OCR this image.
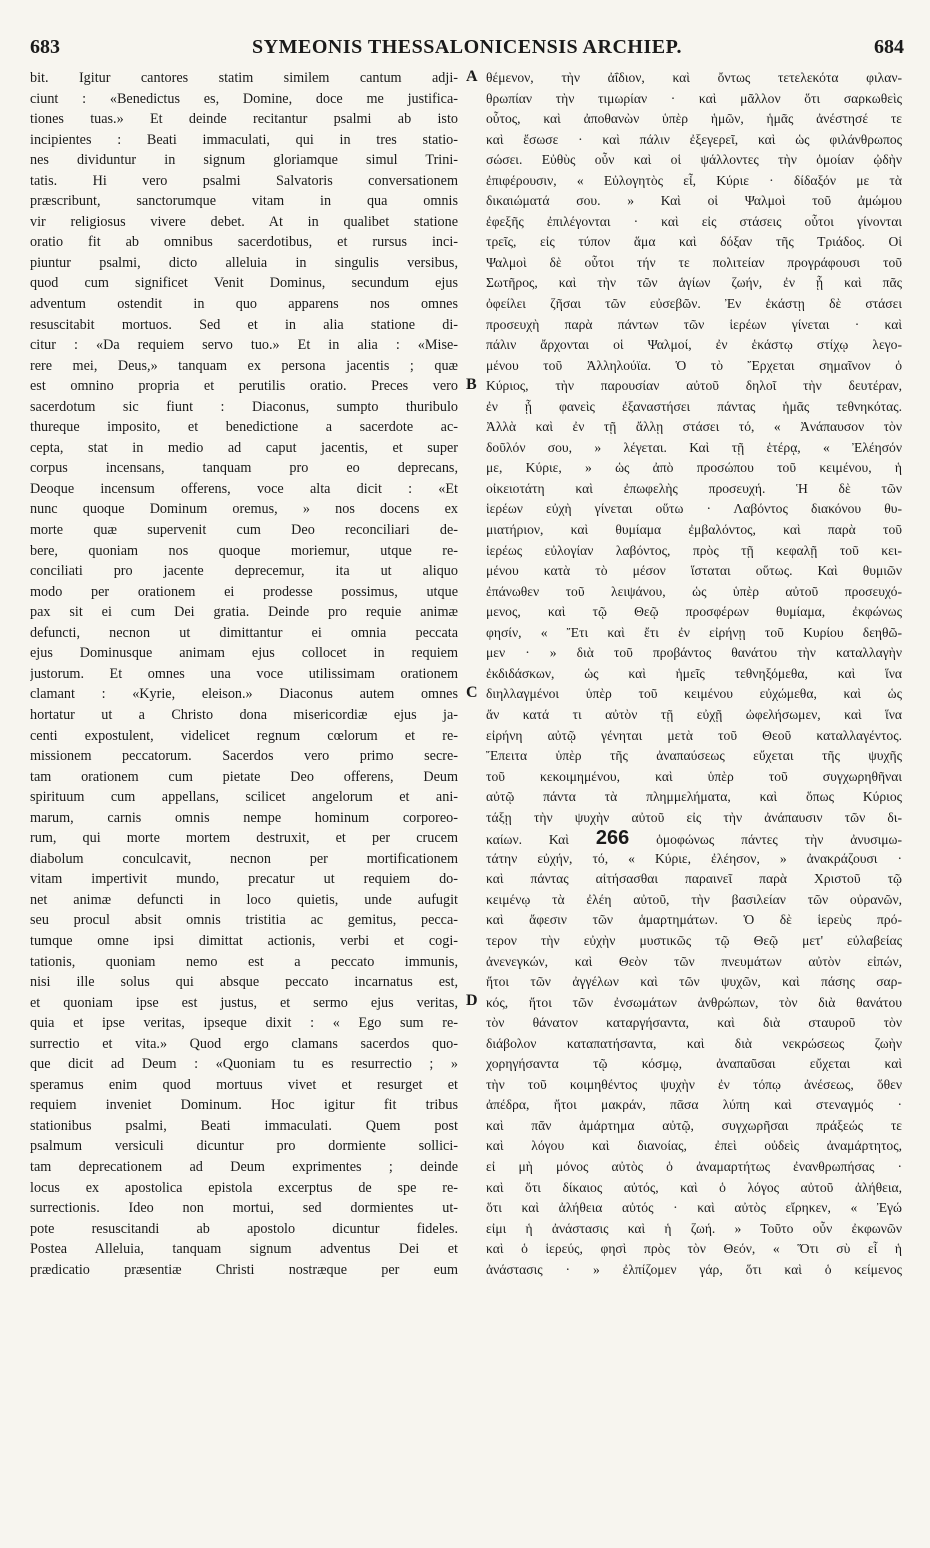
683	SYMEONIS THESSALONICENSIS ARCHIEP.	684
bit. Igitur cantores statim similem cantum adji-
ciunt : «Benedictus es, Domine, doce me justifica-
tiones tuas.» Et deinde recitantur psalmi ab isto
incipientes : Beati immaculati, qui in tres statio-
nes dividuntur in signum gloriamque simul Trini-
tatis. Hi vero psalmi Salvatoris conversationem
præscribunt, sanctorumque vitam in qua omnis
vir religiosus vivere debet. At in qualibet statione
oratio fit ab omnibus sacerdotibus, et rursus inci-
piuntur psalmi, dicto alleluia in singulis versibus,
quod cum significet Venit Dominus, secundum ejus
adventum ostendit in quo apparens nos omnes
resuscitabit mortuos. Sed et in alia statione di-
citur : «Da requiem servo tuo.» Et in alia : «Mise-
rere mei, Deus,» tanquam ex persona jacentis ; quæ
est omnino propria et perutilis oratio. Preces vero
sacerdotum sic fiunt : Diaconus, sumpto thuribulo
thureque imposito, et benedictione a sacerdote ac-
cepta, stat in medio ad caput jacentis, et super
corpus incensans, tanquam pro eo deprecans,
Deoque incensum offerens, voce alta dicit : «Et
nunc quoque Dominum oremus, » nos docens ex
morte quæ supervenit cum Deo reconciliari de-
bere, quoniam nos quoque moriemur, utque re-
conciliati pro jacente deprecemur, ita ut aliquo
modo per orationem ei prodesse possimus, utque
pax sit ei cum Dei gratia. Deinde pro requie animæ
defuncti, necnon ut dimittantur ei omnia peccata
ejus Dominusque animam ejus collocet in requiem
justorum. Et omnes una voce utilissimam orationem
clamant : «Kyrie, eleison.» Diaconus autem omnes
hortatur ut a Christo dona misericordiæ ejus ja-
centi expostulent, videlicet regnum cœlorum et re-
missionem peccatorum. Sacerdos vero primo secre-
tam orationem cum pietate Deo offerens, Deum
spirituum cum appellans, scilicet angelorum et ani-
marum, carnis omnis nempe hominum corporeo-
rum, qui morte mortem destruxit, et per crucem
diabolum conculcavit, necnon per mortificationem
vitam impertivit mundo, precatur ut requiem do-
net animæ defuncti in loco quietis, unde aufugit
seu procul absit omnis tristitia ac gemitus, pecca-
tumque omne ipsi dimittat actionis, verbi et cogi-
tationis, quoniam nemo est a peccato immunis,
nisi ille solus qui absque peccato incarnatus est,
et quoniam ipse est justus, et sermo ejus veritas,
quia et ipse veritas, ipseque dixit : « Ego sum re-
surrectio et vita.» Quod ergo clamans sacerdos quo-
que dicit ad Deum : «Quoniam tu es resurrectio ; »
speramus enim quod mortuus vivet et resurget et
requiem inveniet Dominum. Hoc igitur fit tribus
stationibus psalmi, Beati immaculati. Quem post
psalmum versiculi dicuntur pro dormiente sollici-
tam deprecationem ad Deum exprimentes ; deinde
locus ex apostolica epistola excerptus de spe re-
surrectionis. Ideo non mortui, sed dormientes ut-
pote resuscitandi ab apostolo dicuntur fideles.
Postea Alleluia, tanquam signum adventus Dei et
prædicatio præsentiæ Christi nostræque per eum
A
B
C
D
θέμενον, τὴν ἀΐδιον, καὶ ὄντως τετελεκότα φιλαν-
θρωπίαν τὴν τιμωρίαν · καὶ μᾶλλον ὅτι σαρκωθεὶς
οὗτος, καὶ ἀποθανὼν ὑπὲρ ἡμῶν, ἡμᾶς ἀνέστησέ τε
καὶ ἔσωσε · καὶ πάλιν ἐξεγερεῖ, καὶ ὡς φιλάνθρωπος
σώσει. Εὐθὺς οὖν καὶ οἱ ψάλλοντες τὴν ὁμοίαν ᾠδὴν
ἐπιφέρουσιν, « Εὐλογητὸς εἶ, Κύριε · δίδαξόν με τὰ
δικαιώματά σου. » Καὶ οἱ Ψαλμοὶ τοῦ ἀμώμου
ἐφεξῆς ἐπιλέγονται · καὶ εἰς στάσεις οὗτοι γίνονται
τρεῖς, εἰς τύπον ἅμα καὶ δόξαν τῆς Τριάδος. Οἱ
Ψαλμοὶ δὲ οὗτοι τήν τε πολιτείαν προγράφουσι τοῦ
Σωτῆρος, καὶ τὴν τῶν ἁγίων ζωήν, ἐν ᾗ καὶ πᾶς
ὀφείλει ζῆσαι τῶν εὐσεβῶν. Ἐν ἑκάστῃ δὲ στάσει
προσευχὴ παρὰ πάντων τῶν ἱερέων γίνεται · καὶ
πάλιν ἄρχονται οἱ Ψαλμοί, ἐν ἑκάστῳ στίχῳ λεγο-
μένου τοῦ Ἀλληλούϊα. Ὁ τὸ Ἔρχεται σημαῖνον ὁ
Κύριος, τὴν παρουσίαν αὐτοῦ δηλοῖ τὴν δευτέραν,
ἐν ᾗ φανεὶς ἐξαναστήσει πάντας ἡμᾶς τεθνηκότας.
Ἀλλὰ καὶ ἐν τῇ ἄλλῃ στάσει τό, « Ἀνάπαυσον τὸν
δοῦλόν σου, » λέγεται. Καὶ τῇ ἑτέρᾳ, « Ἐλέησόν
με, Κύριε, » ὡς ἀπὸ προσώπου τοῦ κειμένου, ἡ
οἰκειοτάτη καὶ ἐπωφελὴς προσευχή. Ἡ δὲ τῶν
ἱερέων εὐχὴ γίνεται οὕτω · Λαβόντος διακόνου θυ-
μιατήριον, καὶ θυμίαμα ἐμβαλόντος, καὶ παρὰ τοῦ
ἱερέως εὐλογίαν λαβόντος, πρὸς τῇ κεφαλῇ τοῦ κει-
μένου κατὰ τὸ μέσον ἵσταται οὕτως. Καὶ θυμιῶν
ἐπάνωθεν τοῦ λειψάνου, ὡς ὑπὲρ αὐτοῦ προσευχό-
μενος, καὶ τῷ Θεῷ προσφέρων θυμίαμα, ἐκφώνως
φησίν, « Ἔτι καὶ ἔτι ἐν εἰρήνῃ τοῦ Κυρίου δεηθῶ-
μεν · » διὰ τοῦ προβάντος θανάτου τὴν καταλλαγὴν
ἐκδιδάσκων, ὡς καὶ ἡμεῖς τεθνηξόμεθα, καὶ ἵνα
διηλλαγμένοι ὑπὲρ τοῦ κειμένου εὐχώμεθα, καὶ ὡς
ἄν κατά τι αὐτὸν τῇ εὐχῇ ὠφελήσωμεν, καὶ ἵνα
εἰρήνη αὐτῷ γένηται μετὰ τοῦ Θεοῦ καταλλαγέντος.
Ἔπειτα ὑπὲρ τῆς ἀναπαύσεως εὔχεται τῆς ψυχῆς
τοῦ κεκοιμημένου, καὶ ὑπὲρ τοῦ συγχωρηθῆναι
αὐτῷ πάντα τὰ πλημμελήματα, καὶ ὅπως Κύριος
τάξῃ τὴν ψυχὴν αὐτοῦ εἰς τὴν ἀνάπαυσιν τῶν δι-
καίων. Καὶ 266 ὁμοφώνως πάντες τὴν ἀνυσιμω-
τάτην εὐχήν, τό, « Κύριε, ἐλέησον, » ἀνακράζουσι ·
καὶ πάντας αἰτήσασθαι παραινεῖ παρὰ Χριστοῦ τῷ
κειμένῳ τὰ ἐλέη αὐτοῦ, τὴν βασιλείαν τῶν οὐρανῶν,
καὶ ἄφεσιν τῶν ἁμαρτημάτων. Ὁ δὲ ἱερεὺς πρό-
τερον τὴν εὐχὴν μυστικῶς τῷ Θεῷ μετ' εὐλαβείας
ἀνενεγκών, καὶ Θεὸν τῶν πνευμάτων αὐτὸν εἰπών,
ἤτοι τῶν ἀγγέλων καὶ τῶν ψυχῶν, καὶ πάσης σαρ-
κός, ἤτοι τῶν ἐνσωμάτων ἀνθρώπων, τὸν διὰ θανάτου
τὸν θάνατον καταργήσαντα, καὶ διὰ σταυροῦ τὸν
διάβολον καταπατήσαντα, καὶ διὰ νεκρώσεως ζωὴν
χορηγήσαντα τῷ κόσμῳ, ἀναπαῦσαι εὔχεται καὶ
τὴν τοῦ κοιμηθέντος ψυχὴν ἐν τόπῳ ἀνέσεως, ὅθεν
ἀπέδρα, ἤτοι μακράν, πᾶσα λύπη καὶ στεναγμός ·
καὶ πᾶν ἁμάρτημα αὐτῷ, συγχωρῆσαι πράξεώς τε
καὶ λόγου καὶ διανοίας, ἐπεὶ οὐδεὶς ἀναμάρτητος,
εἰ μὴ μόνος αὐτὸς ὁ ἀναμαρτήτως ἐνανθρωπήσας ·
καὶ ὅτι δίκαιος αὐτός, καὶ ὁ λόγος αὐτοῦ ἀλήθεια,
ὅτι καὶ ἀλήθεια αὐτός · καὶ αὐτὸς εἴρηκεν, « Ἐγώ
εἰμι ἡ ἀνάστασις καὶ ἡ ζωή. » Τοῦτο οὖν ἐκφωνῶν
καὶ ὁ ἱερεύς, φησὶ πρὸς τὸν Θεόν, « Ὅτι σὺ εἶ ἡ
ἀνάστασις · » ἐλπίζομεν γάρ, ὅτι καὶ ὁ κείμενος
